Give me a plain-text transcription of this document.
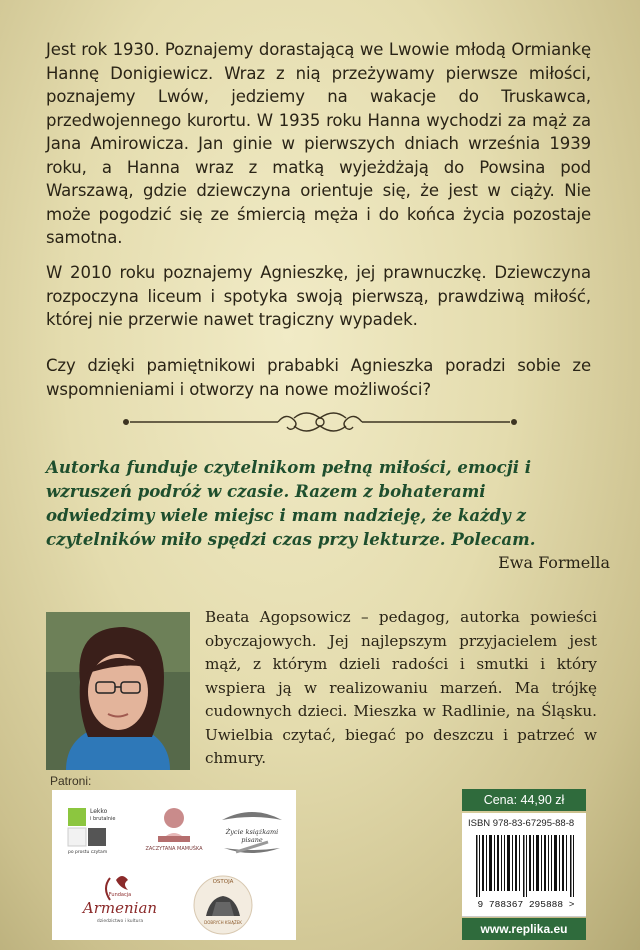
Jest rok 1930. Poznajemy dorastającą we Lwowie młodą Ormiankę Hannę Donigiewicz. Wraz z nią przeżywamy pierwsze miłości, poznajemy Lwów, jedziemy na wakacje do Truskawca, przedwojennego kurortu. W 1935 roku Hanna wychodzi za mąż za Jana Amirowicza. Jan ginie w pierwszych dniach września 1939 roku, a Hanna wraz z matką wyjeżdżają do Powsina pod Warszawą, gdzie dziewczyna orientuje się, że jest w ciąży. Nie może pogodzić się ze śmiercią męża i do końca życia pozostaje samotna.
W 2010 roku poznajemy Agnieszkę, jej prawnuczkę. Dziewczyna rozpoczyna liceum i spotyka swoją pierwszą, prawdziwą miłość, której nie przerwie nawet tragiczny wypadek.
Czy dzięki pamiętnikowi prababki Agnieszka poradzi sobie ze wspomnieniami i otworzy na nowe możliwości?
Autorka funduje czytelnikom pełną miłości, emocji i wzruszeń podróż w czasie. Razem z bohaterami odwiedzimy wiele miejsc i mam nadzieję, że każdy z czytelników miło spędzi czas przy lekturze. Polecam.
Ewa Formella
Beata Agopsowicz – pedagog, autorka powieści obyczajowych. Jej najlepszym przyjacielem jest mąż, z którym dzieli radości i smutki i który wspiera ją w realizowaniu marzeń. Ma trójkę cudownych dzieci. Mieszka w Radlinie, na Śląsku. Uwielbia czytać, biegać po deszczu i patrzeć w chmury.
Patroni:
Lekko
i brutalnie
po prostu czytam
ZACZYTANA MAMUŚKA
Życie książkami pisane
Fundacja
Armenian
dziedzictwo i kultura
OSTOJA
DOBRYCH KSIĄŻEK
Cena: 44,90 zł
ISBN 978-83-67295-88-8
9 788367 295888 >
www.replika.eu
